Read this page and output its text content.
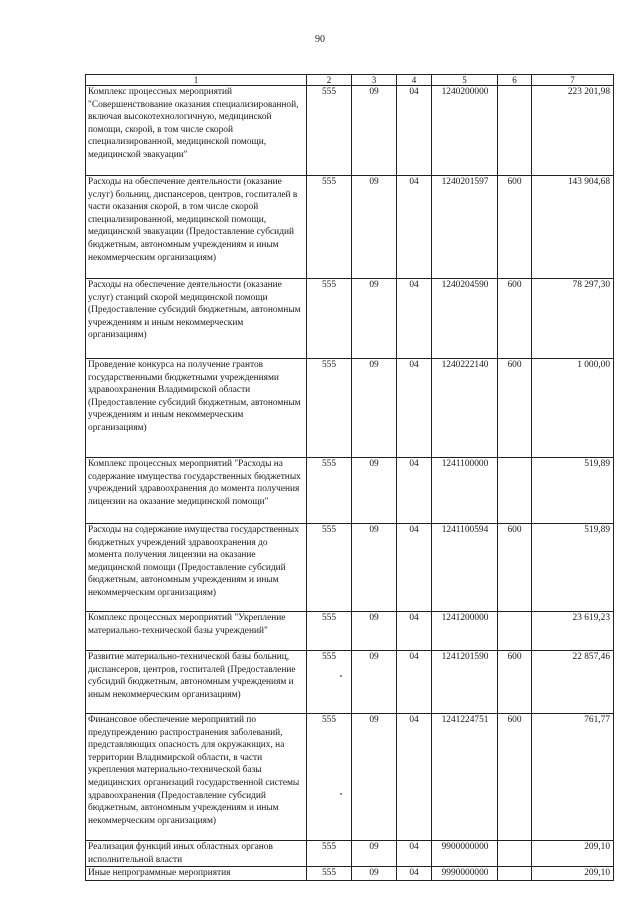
90
1	2	3	4	5	6	7
Комплекс процессных мероприятий "Совершенствование оказания специализированной, включая высокотехнологичную, медицинской помощи, скорой, в том числе скорой специализированной, медицинской помощи, медицинской эвакуации"	555	09	04	1240200000		223 201,98
Расходы на обеспечение деятельности (оказание услуг) больниц, диспансеров, центров, госпиталей в части оказания скорой, в том числе скорой специализированной, медицинской помощи, медицинской эвакуации (Предоставление субсидий бюджетным, автономным учреждениям и иным некоммерческим организациям)	555	09	04	1240201597	600	143 904,68
Расходы на обеспечение деятельности (оказание услуг) станций скорой медицинской помощи (Предоставление субсидий бюджетным, автономным учреждениям и иным некоммерческим организациям)	555	09	04	1240204590	600	78 297,30
Проведение конкурса на получение грантов государственными бюджетными учреждениями здравоохранения Владимирской области (Предоставление субсидий бюджетным, автономным учреждениям и иным некоммерческим организациям)	555	09	04	1240222140	600	1 000,00
Комплекс процессных мероприятий "Расходы на содержание имущества государственных бюджетных учреждений здравоохранения до момента получения лицензии на оказание медицинской помощи"	555	09	04	1241100000		519,89
Расходы на содержание имущества государственных бюджетных учреждений здравоохранения до момента получения лицензии на оказание медицинской помощи (Предоставление субсидий бюджетным, автономным учреждениям и иным некоммерческим организациям)	555	09	04	1241100594	600	519,89
Комплекс процессных мероприятий "Укрепление материально-технической базы учреждений"	555	09	04	1241200000		23 619,23
Развитие материально-технической базы больниц, диспансеров, центров, госпиталей (Предоставление субсидий бюджетным, автономным учреждениям и иным некоммерческим организациям)	555	09	04	1241201590	600	22 857,46
Финансовое обеспечение мероприятий по предупреждению распространения заболеваний, представляющих опасность для окружающих, на территории Владимирской области, в части укрепления материально-технической базы медицинских организаций государственной системы здравоохранения (Предоставление субсидий бюджетным, автономным учреждениям и иным некоммерческим организациям)	555	09	04	1241224751	600	761,77
Реализация функций иных областных органов исполнительной власти	555	09	04	9900000000		209,10
Иные непрограммные мероприятия	555	09	04	9990000000		209,10
